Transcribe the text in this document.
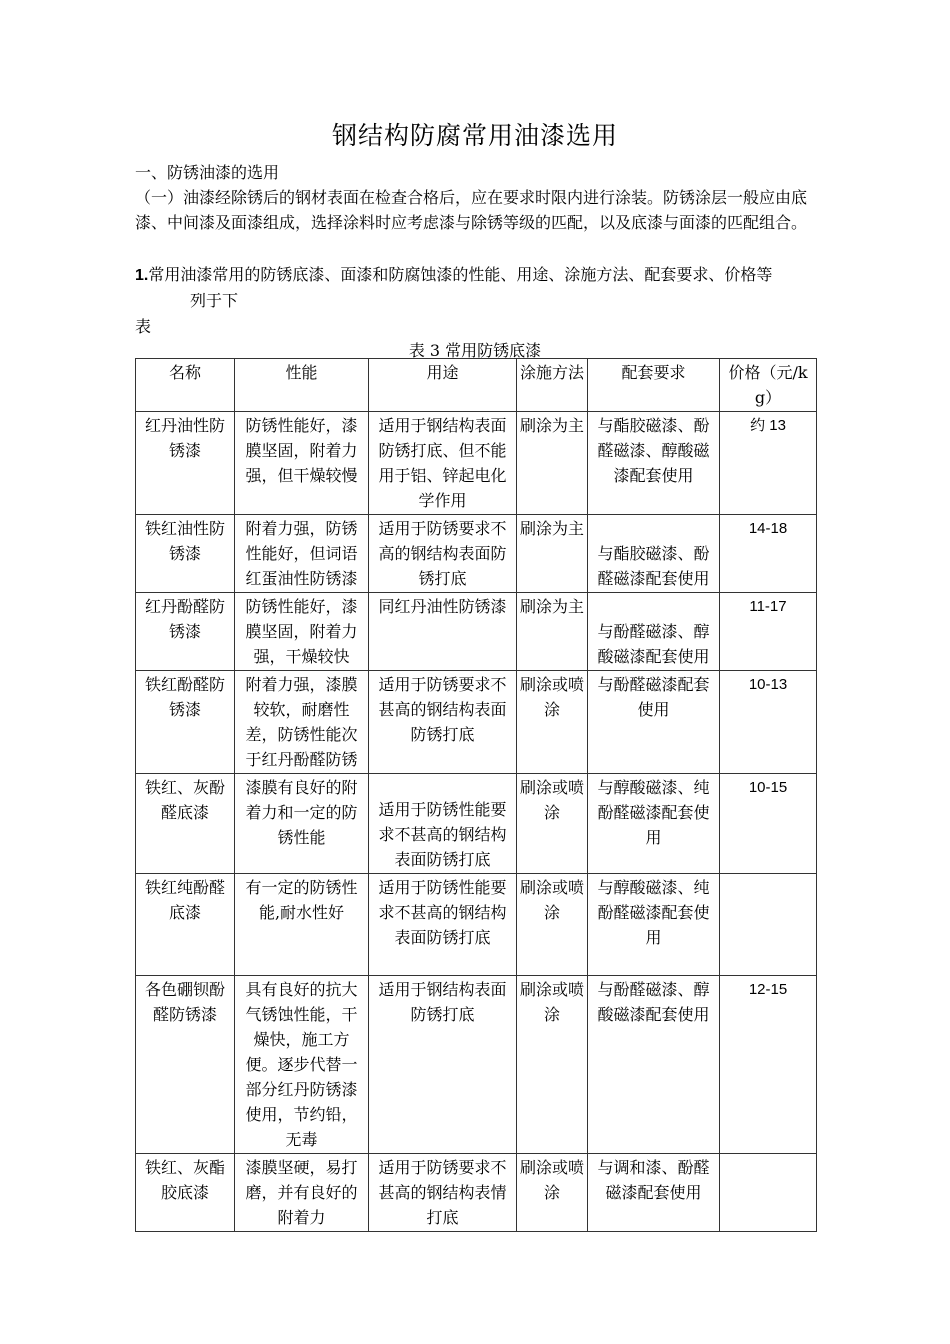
钢结构防腐常用油漆选用
一、防锈油漆的选用
（一）油漆经除锈后的钢材表面在检查合格后，应在要求时限内进行涂装。防锈涂层一般应由底漆、中间漆及面漆组成，选择涂料时应考虑漆与除锈等级的匹配，以及底漆与面漆的匹配组合。
1.常用油漆常用的防锈底漆、面漆和防腐蚀漆的性能、用途、涂施方法、配套要求、价格等
列于下
表
表 3 常用防锈底漆
名称	性能	用途	涂施方法	配套要求	价格（元/kg）
红丹油性防锈漆	防锈性能好，漆膜坚固，附着力强，但干燥较慢	适用于钢结构表面防锈打底、但不能用于铝、锌起电化学作用	刷涂为主	与酯胶磁漆、酚醛磁漆、醇酸磁漆配套使用	约 13
铁红油性防锈漆	附着力强，防锈性能好，但词语红蛋油性防锈漆	适用于防锈要求不高的钢结构表面防锈打底	刷涂为主	与酯胶磁漆、酚醛磁漆配套使用	14-18
红丹酚醛防锈漆	防锈性能好，漆膜坚固，附着力强，干燥较快	同红丹油性防锈漆	刷涂为主	与酚醛磁漆、醇酸磁漆配套使用	11-17
铁红酚醛防锈漆	附着力强，漆膜较软，耐磨性差，防锈性能次于红丹酚醛防锈	适用于防锈要求不甚高的钢结构表面防锈打底	刷涂或喷涂	与酚醛磁漆配套使用	10-13
铁红、灰酚醛底漆	漆膜有良好的附着力和一定的防锈性能	适用于防锈性能要求不甚高的钢结构表面防锈打底	刷涂或喷涂	与醇酸磁漆、纯酚醛磁漆配套使用	10-15
铁红纯酚醛底漆	有一定的防锈性能,耐水性好	适用于防锈性能要求不甚高的钢结构表面防锈打底	刷涂或喷涂	与醇酸磁漆、纯酚醛磁漆配套使用	
各色硼钡酚醛防锈漆	具有良好的抗大气锈蚀性能，干燥快，施工方便。逐步代替一部分红丹防锈漆使用，节约铅，无毒	适用于钢结构表面防锈打底	刷涂或喷涂	与酚醛磁漆、醇酸磁漆配套使用	12-15
铁红、灰酯胶底漆	漆膜坚硬，易打磨，并有良好的附着力	适用于防锈要求不甚高的钢结构表情打底	刷涂或喷涂	与调和漆、酚醛磁漆配套使用	
